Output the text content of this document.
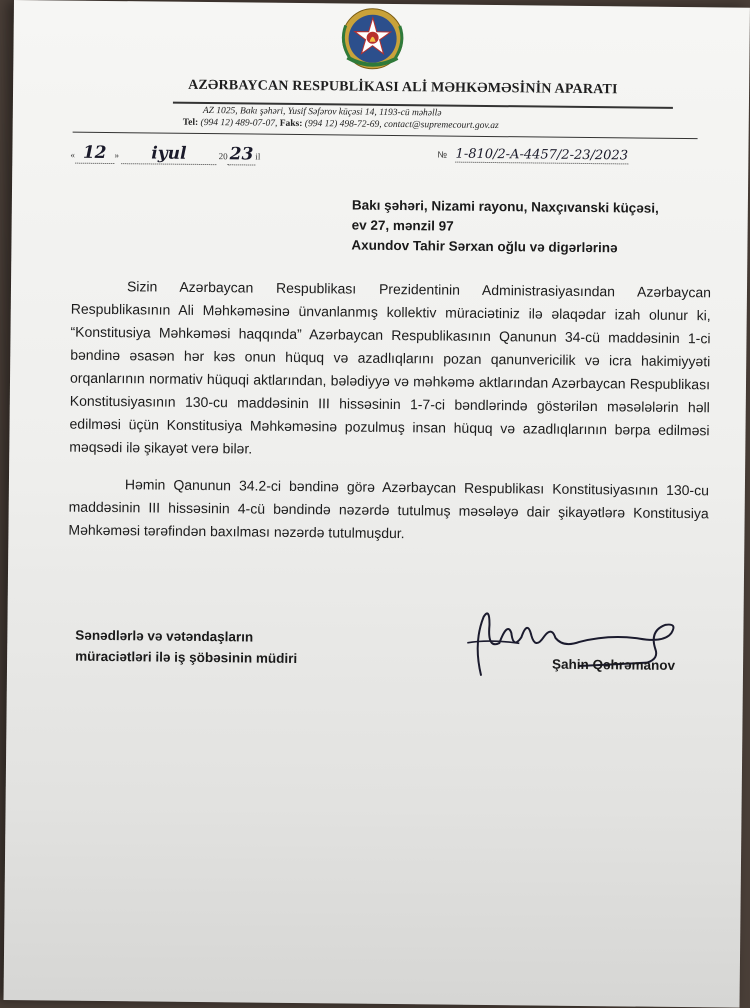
AZƏRBAYCAN RESPUBLİKASI ALİ MƏHKƏMƏSİNİN APARATI
AZ 1025, Bakı şəhəri, Yusif Səfərov küçəsi 14, 1193-cü məhəllə
Tel: (994 12) 489-07-07, Faks: (994 12) 498-72-69, contact@supremecourt.gov.az
« 12 » iyul	20 23 il	№ 1-810/2-A-4457/2-23/2023
Bakı şəhəri, Nizami rayonu, Naxçıvanski küçəsi,
ev 27, mənzil 97
Axundov Tahir Sərxan oğlu və digərlərinə

Sizin Azərbaycan Respublikası Prezidentinin Administrasiyasından Azərbaycan Respublikasının Ali Məhkəməsinə ünvanlanmış kollektiv müraciətiniz ilə əlaqədar izah olunur ki, “Konstitusiya Məhkəməsi haqqında” Azərbaycan Respublikasının Qanunun 34-cü maddəsinin 1-ci bəndinə əsasən hər kəs onun hüquq və azadlıqlarını pozan qanunvericilik və icra hakimiyyəti orqanlarının normativ hüquqi aktlarından, bələdiyyə və məhkəmə aktlarından Azərbaycan Respublikası Konstitusiyasının 130-cu maddəsinin III hissəsinin 1-7-ci bəndlərində göstərilən məsələlərin həll edilməsi üçün Konstitusiya Məhkəməsinə pozulmuş insan hüquq və azadlıqlarının bərpa edilməsi məqsədi ilə şikayət verə bilər.

Həmin Qanunun 34.2-ci bəndinə görə Azərbaycan Respublikası Konstitusiyasının 130-cu maddəsinin III hissəsinin 4-cü bəndində nəzərdə tutulmuş məsələyə dair şikayətlərə Konstitusiya Məhkəməsi tərəfindən baxılması nəzərdə tutulmuşdur.

Sənədlərlə və vətəndaşların
müraciətləri ilə iş şöbəsinin müdiri	Şahin Qəhrəmanov
